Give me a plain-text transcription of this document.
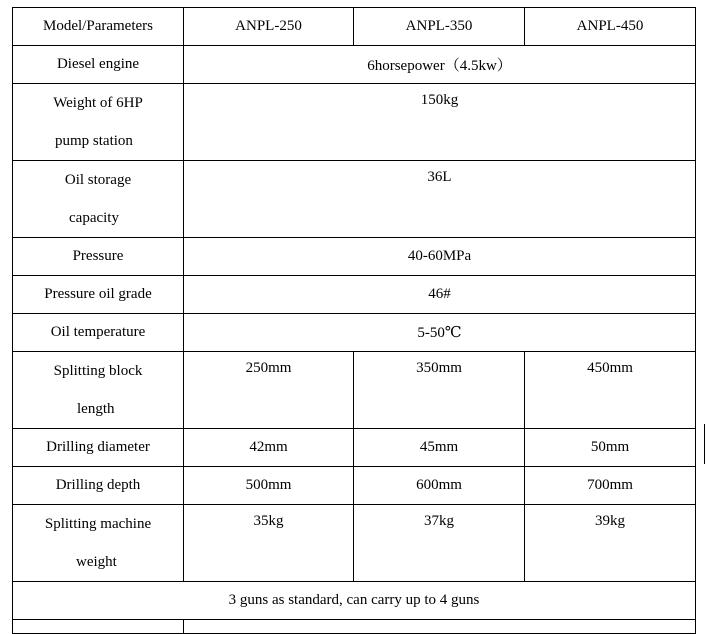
Model/Parameters	ANPL-250	ANPL-350	ANPL-450
Diesel engine	6horsepower（4.5kw）		

Weight of 6HP
pump station	150kg		

Oil storage
capacity	36L		
Pressure	40-60MPa		
Pressure oil grade	46#		
Oil temperature	5-50℃		

Splitting block
length	250mm	350mm	450mm
Drilling diameter	42mm	45mm	50mm
Drilling depth	500mm	600mm	700mm

Splitting machine
weight	35kg	37kg	39kg
3 guns as standard, can carry up to 4 guns			
